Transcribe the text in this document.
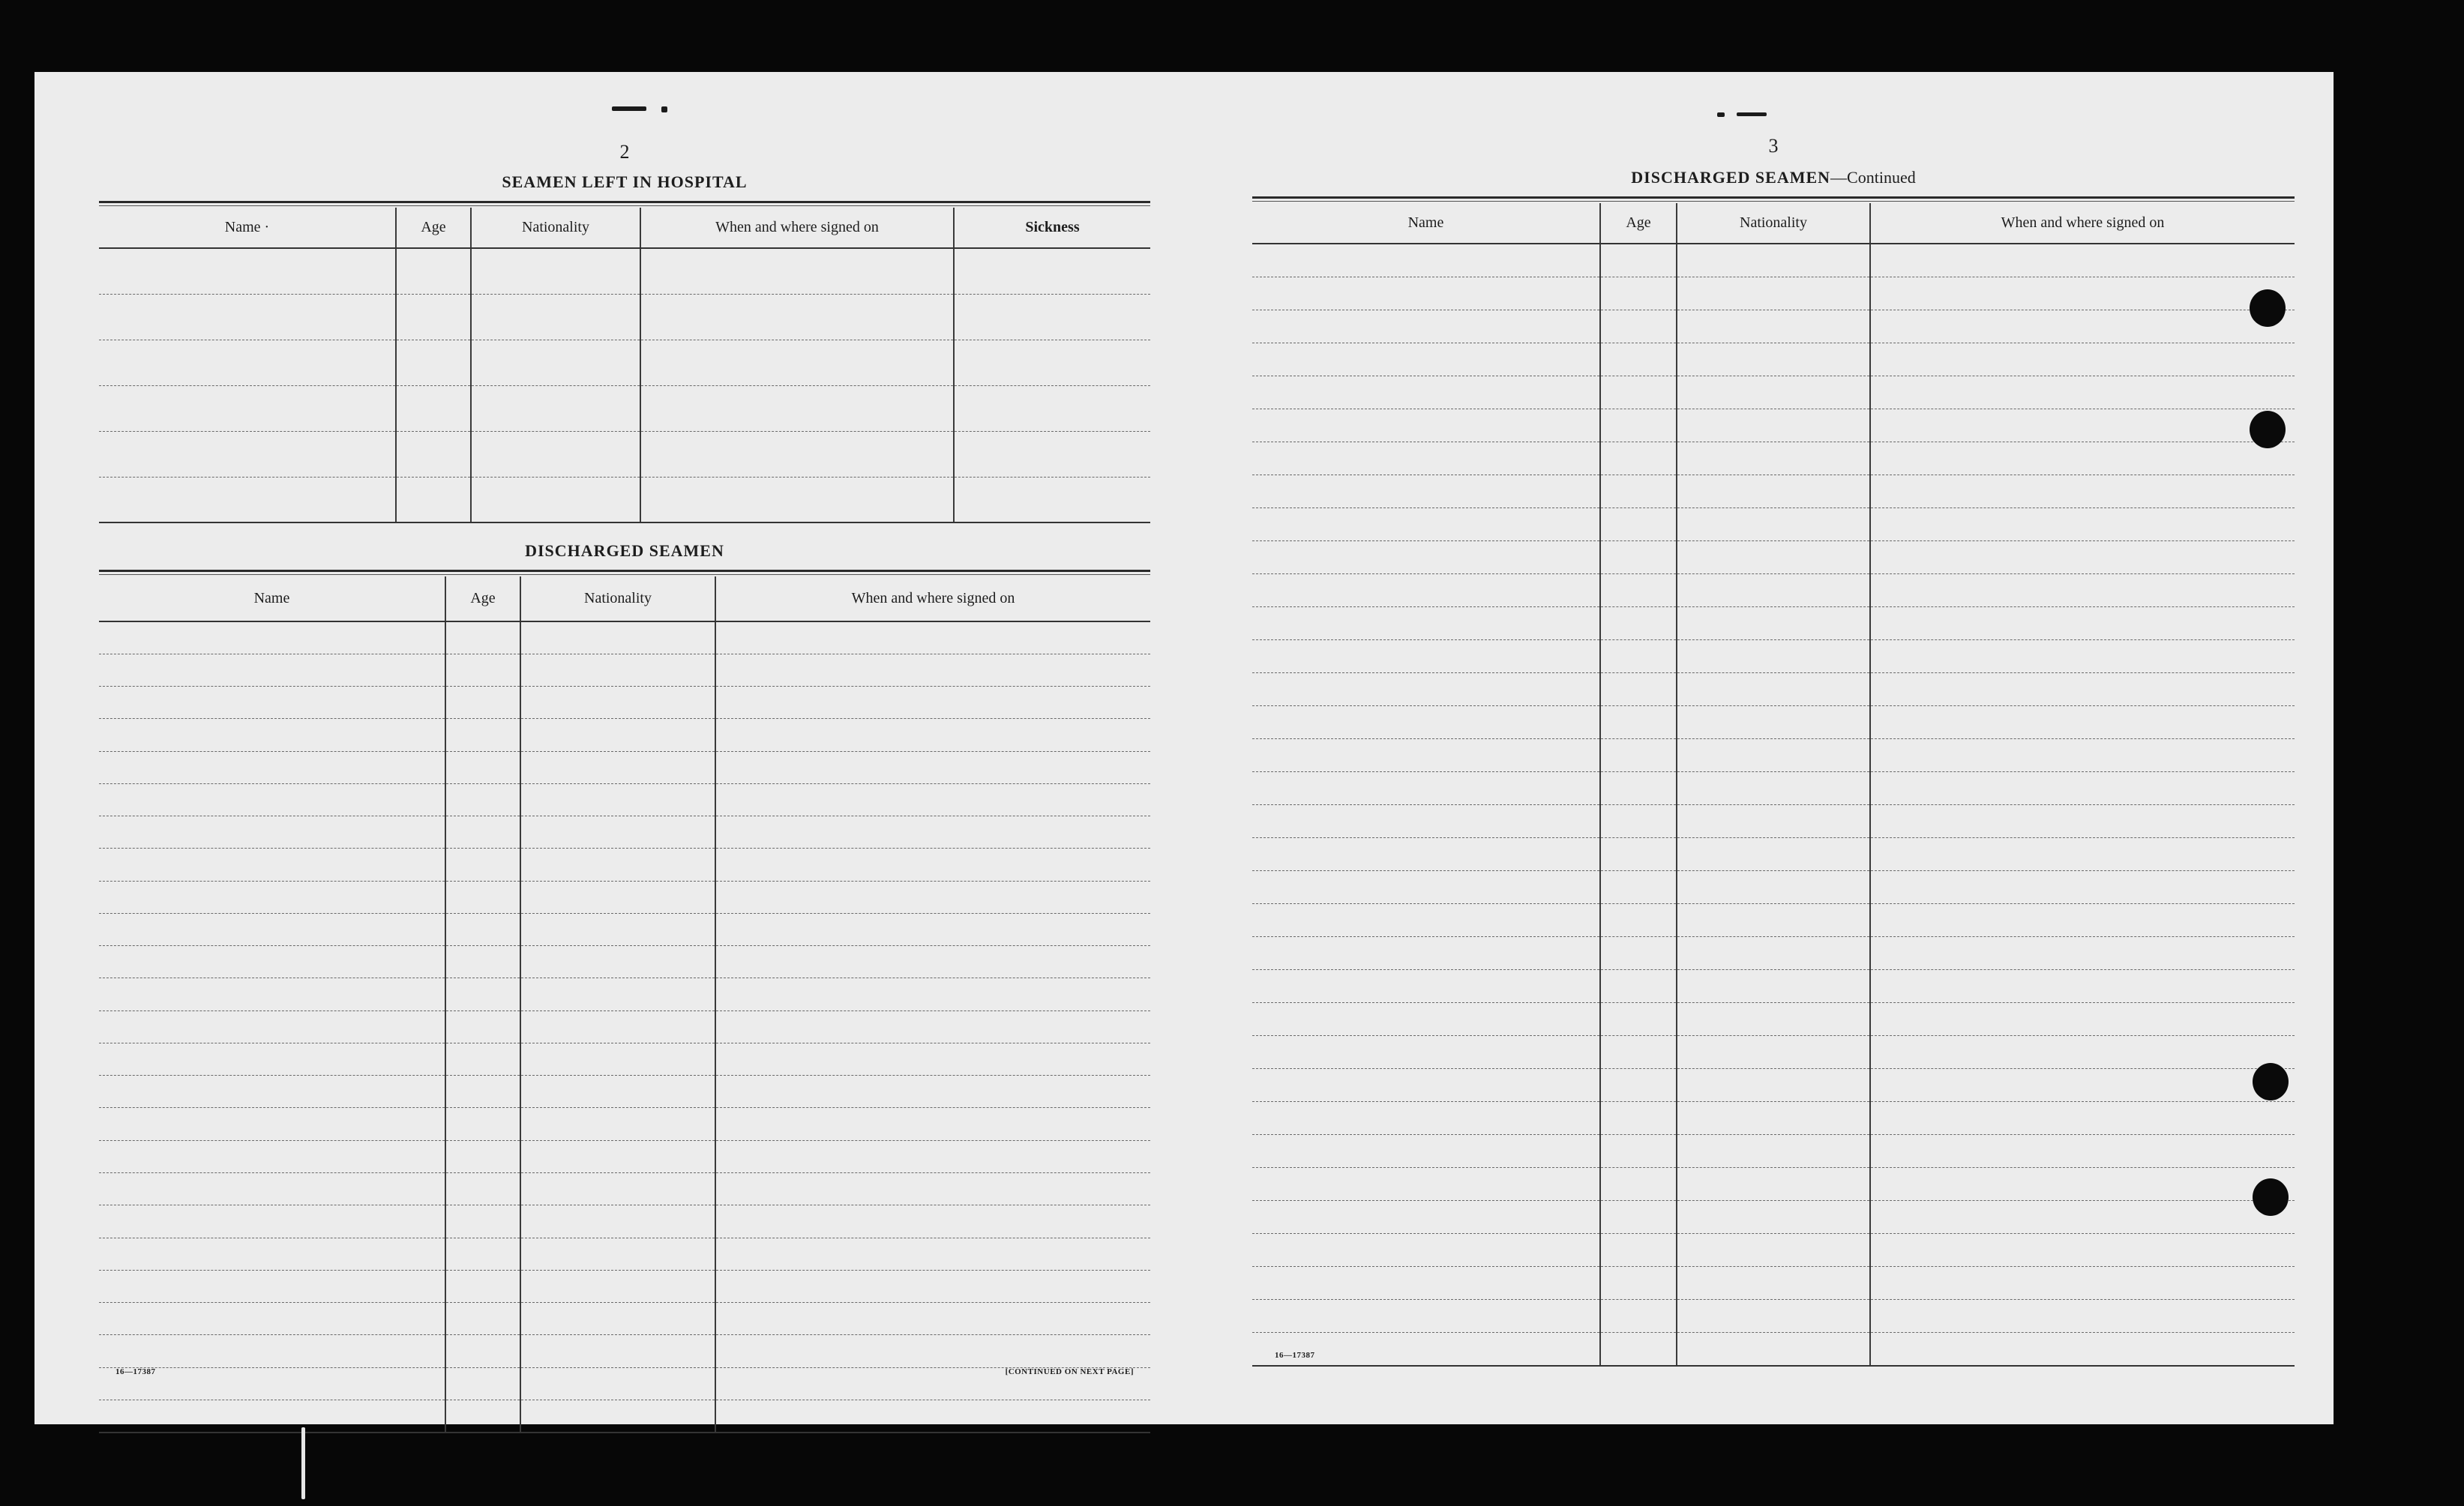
2
SEAMEN LEFT IN HOSPITAL
Name ·	Age	Nationality	When and where signed on	Sickness

DISCHARGED SEAMEN
Name	Age	Nationality	When and where signed on

16—17387	[CONTINUED ON NEXT PAGE]
3
DISCHARGED SEAMEN—Continued
Name	Age	Nationality	When and where signed on

16—17387
